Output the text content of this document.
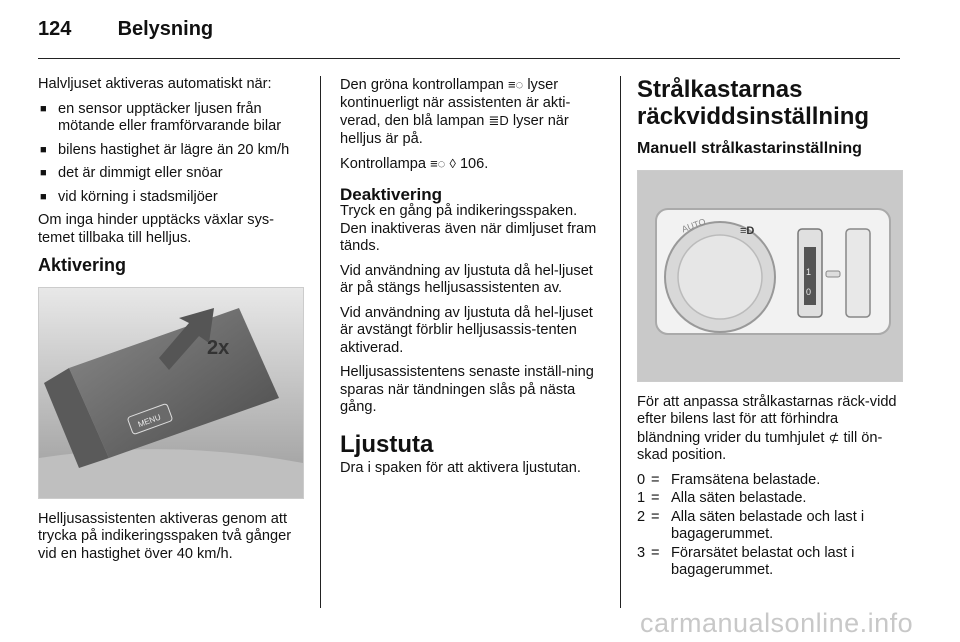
124 Belysning

Halvljuset aktiveras automatiskt när:

■ en sensor upptäcker ljusen från mötande eller framförvarande bilar
■ bilens hastighet är lägre än 20 km/h
■ det är dimmigt eller snöar
■ vid körning i stadsmiljöer

Om inga hinder upptäcks växlar sys-temet tillbaka till helljus.

Aktivering
MENU
2x

Helljusassistenten aktiveras genom att trycka på indikeringsspaken två gånger vid en hastighet över 40 km/h.

Den gröna kontrollampan ≡◌ lyser kontinuerligt när assistenten är akti-verad, den blå lampan ≣D lyser när helljus är på.

Kontrollampa ≡◌ ◊ 106.

Deaktivering

Tryck en gång på indikeringsspaken. Den inaktiveras även när dimljuset fram tänds.

Vid användning av ljustuta då hel-ljuset är på stängs helljusassistenten av.

Vid användning av ljustuta då hel-ljuset är avstängt förblir helljusassis-tenten aktiverad.

Helljusassistentens senaste inställ-ning sparas när tändningen slås på nästa gång.

Ljustuta

Dra i spaken för att aktivera ljustutan.

Strålkastarnas räckviddsinställning
Manuell strålkastarinställning
1
0
AUTO	≡D

För att anpassa strålkastarnas räck-vidd efter bilens last för att förhindra bländning vrider du tumhjulet ⊄ till ön-skad position.

0 = Framsätena belastade.
1 = Alla säten belastade.
2 = Alla säten belastade och last i bagagerummet.
3 = Förarsätet belastat och last i bagagerummet.
carmanualsonline.info
